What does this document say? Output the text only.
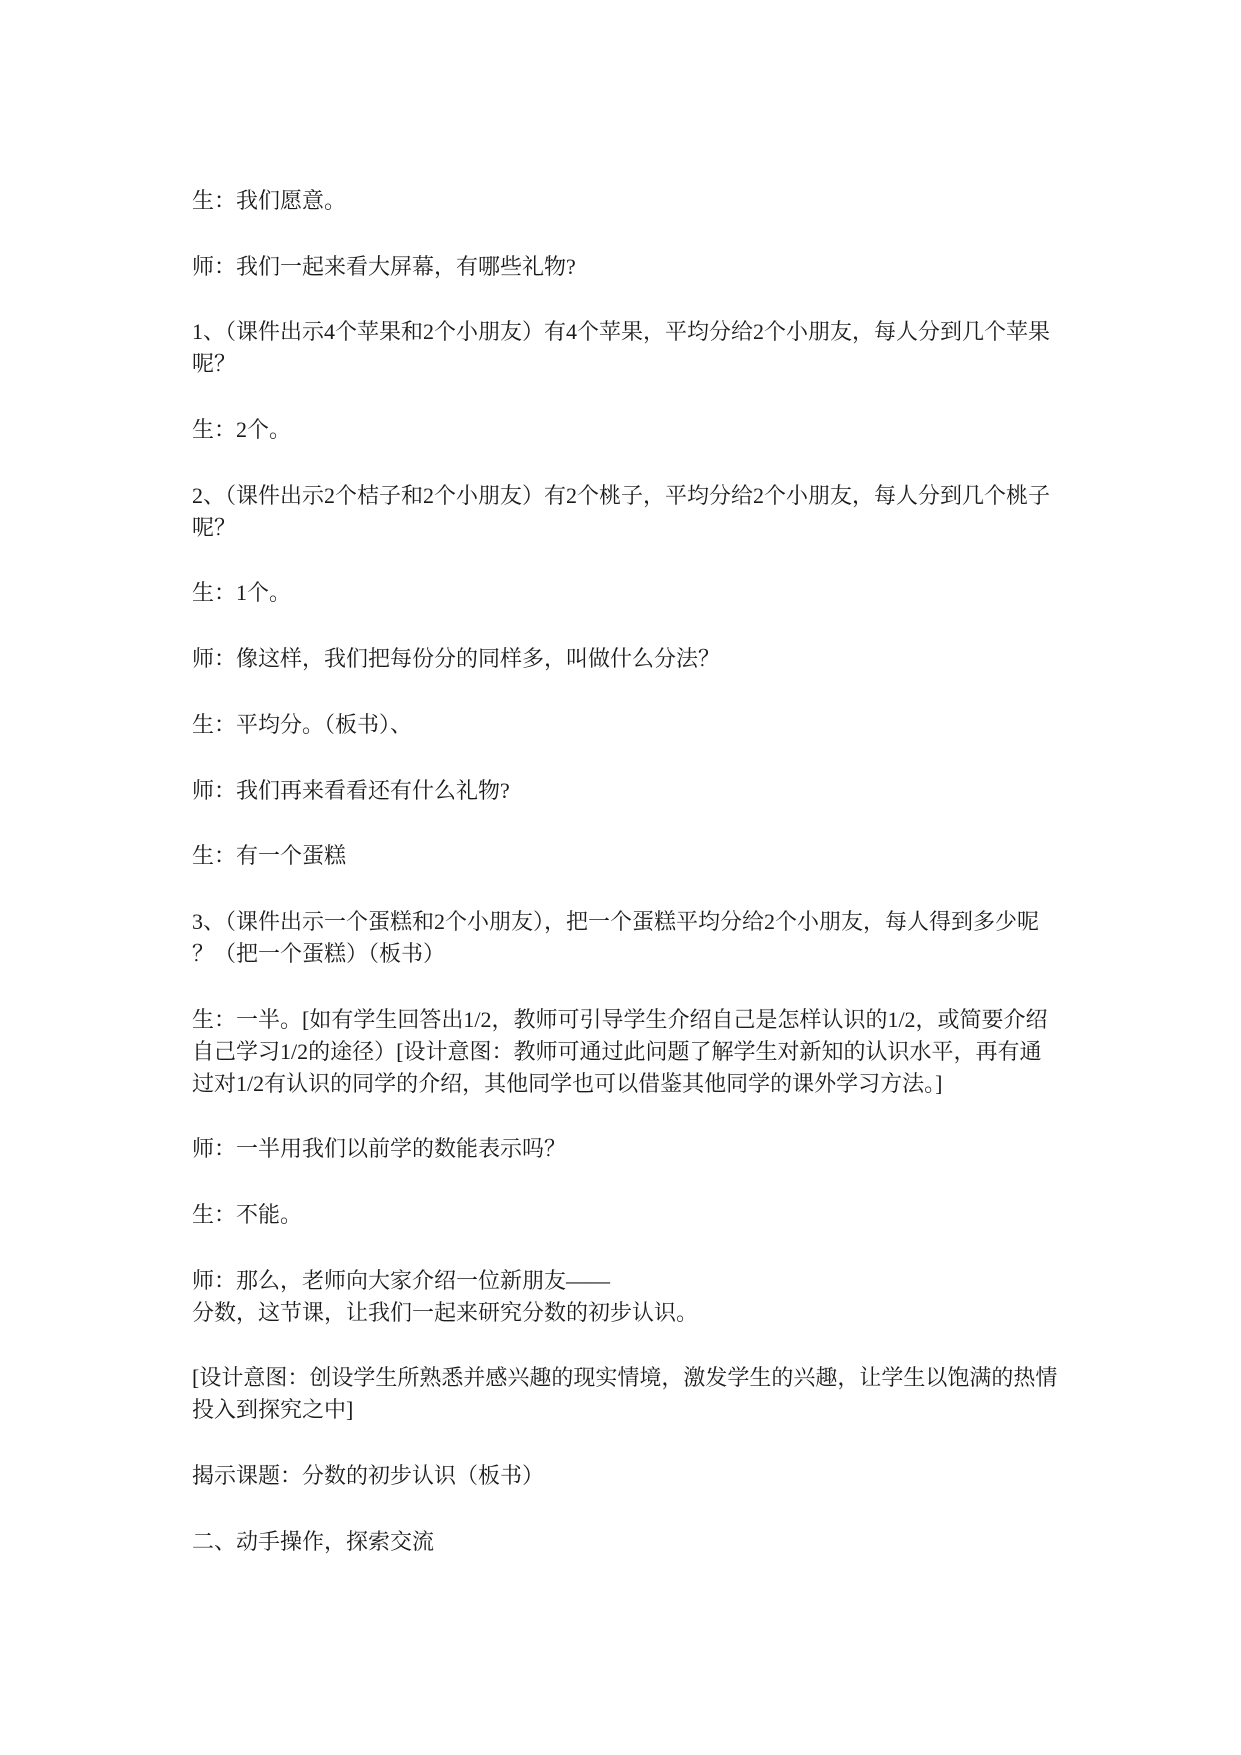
生：我们愿意。
师：我们一起来看大屏幕，有哪些礼物?
1、（课件出示4个苹果和2个小朋友）有4个苹果，平均分给2个小朋友，每人分到几个苹果
呢？
生：2个。
2、（课件出示2个桔子和2个小朋友）有2个桃子，平均分给2个小朋友，每人分到几个桃子
呢？
生：1个。
师：像这样，我们把每份分的同样多，叫做什么分法？
生：平均分。（板书）、
师：我们再来看看还有什么礼物?
生：有一个蛋糕
3、（课件出示一个蛋糕和2个小朋友），把一个蛋糕平均分给2个小朋友，每人得到多少呢
？（把一个蛋糕）（板书）
生：一半。[如有学生回答出1/2，教师可引导学生介绍自己是怎样认识的1/2，或简要介绍
自己学习1/2的途径）[设计意图：教师可通过此问题了解学生对新知的认识水平，再有通
过对1/2有认识的同学的介绍，其他同学也可以借鉴其他同学的课外学习方法。]
师：一半用我们以前学的数能表示吗？
生：不能。
师：那么，老师向大家介绍一位新朋友——
分数，这节课，让我们一起来研究分数的初步认识。
[设计意图：创设学生所熟悉并感兴趣的现实情境，激发学生的兴趣，让学生以饱满的热情
投入到探究之中]
揭示课题：分数的初步认识（板书）
二、动手操作，探索交流
